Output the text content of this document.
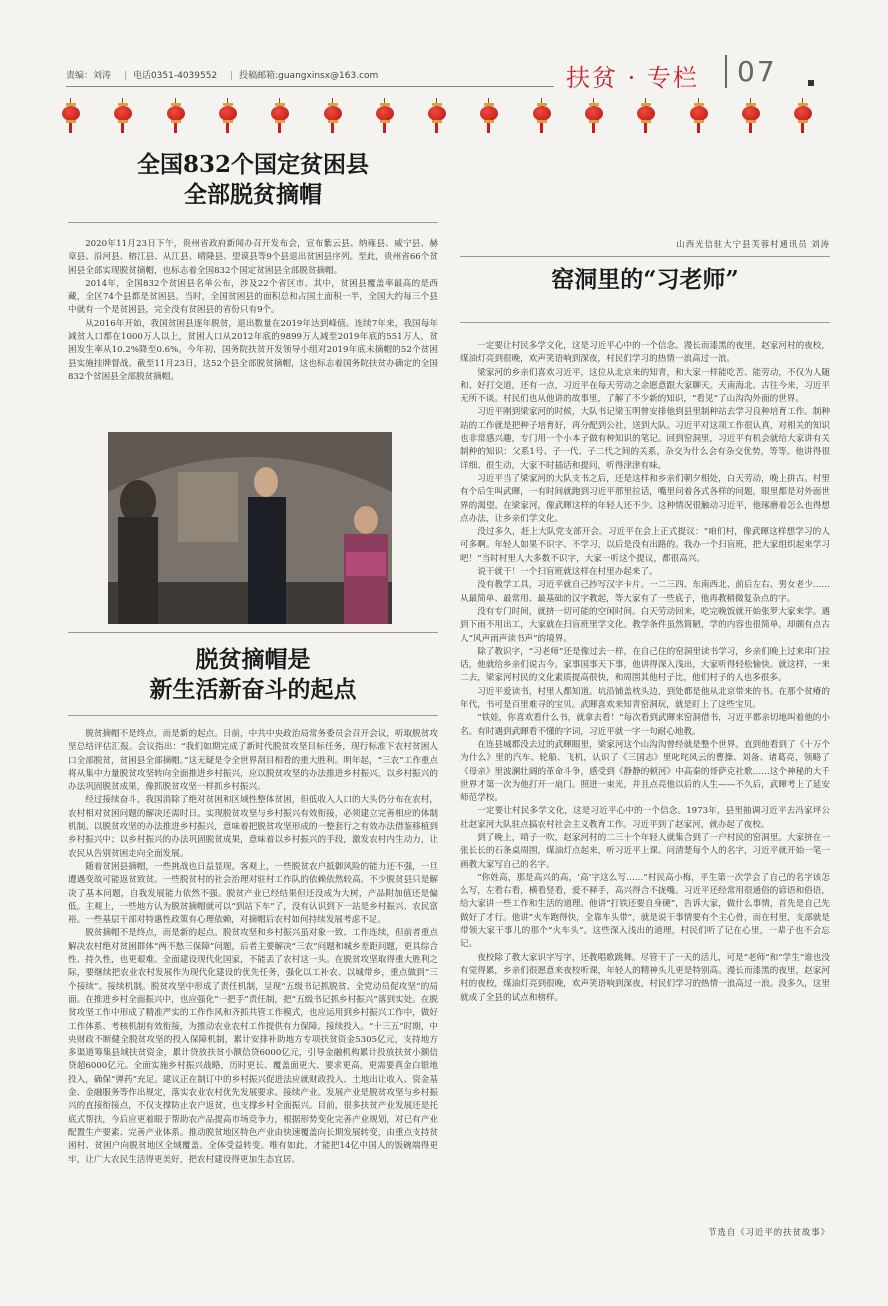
责编：刘涛 | 电话0351-4039552 | 投稿邮箱:guangxinsx@163.com	扶贫 · 专栏	07
全国832个国定贫困县
全部脱贫摘帽

2020年11月23日下午，贵州省政府新闻办召开发布会，宣布紫云县、纳雍县、威宁县、赫章县、沿河县、榕江县、从江县、晴隆县、望谟县等9个县退出贫困县序列。至此，贵州省66个贫困县全部实现脱贫摘帽，也标志着全国832个国定贫困县全部脱贫摘帽。

2014年，全国832个贫困县名单公布，涉及22个省区市。其中，贫困县覆盖率最高的是西藏，全区74个县都是贫困县。当时，全国贫困县的面积总和占国土面积一半，全国大约每三个县中就有一个是贫困县，完全没有贫困县的省份只有9个。

从2016年开始，我国贫困县逐年脱贫，退出数量在2019年达到峰值。连续7年来，我国每年减贫人口都在1000万人以上，贫困人口从2012年底的9899万人减至2019年底的551万人，贫困发生率从10.2%降至0.6%。今年初，国务院扶贫开发领导小组对2019年底未摘帽的52个贫困县实施挂牌督战。截至11月23日，这52个县全部脱贫摘帽，这也标志着国务院扶贫办确定的全国832个贫困县全部脱贫摘帽。

脱贫摘帽是
新生活新奋斗的起点

脱贫摘帽不是终点，而是新的起点。日前，中共中央政治局常务委员会召开会议，听取脱贫攻坚总结评估汇报。会议指出：“我们如期完成了新时代脱贫攻坚目标任务，现行标准下农村贫困人口全部脱贫，贫困县全部摘帽。”这无疑是令全世界刮目相看的重大胜利。明年起，“三农”工作重点将从集中力量脱贫攻坚转向全面推进乡村振兴，应以脱贫攻坚的办法推进乡村振兴，以乡村振兴的办法巩固脱贫成果，像抓脱贫攻坚一样抓乡村振兴。

经过接续奋斗，我国消除了绝对贫困和区域性整体贫困，但低收入人口的大头仍分布在农村，农村相对贫困问题的解决还需时日。实现脱贫攻坚与乡村振兴有效衔接，必须建立完善相应的体制机制。以脱贫攻坚的办法推进乡村振兴，意味着把脱贫攻坚形成的一整套行之有效办法借鉴移植到乡村振兴中；以乡村振兴的办法巩固脱贫成果，意味着以乡村振兴的手段，激发农村内生动力，让农民从告别贫困走向全面发展。

随着贫困县摘帽，一些挑战也日益显现。客观上，一些脱贫农户抵御风险的能力还不强，一旦遭遇变故可能返贫致贫。一些脱贫村的社会治理对驻村工作队的依赖依然较高。不少脱贫县只是解决了基本问题，自我发展能力依然不强。脱贫产业已经结果但还没成为大树，产品附加值还是偏低。主观上，一些地方认为脱贫摘帽就可以“到站下车”了，没有认识到下一站是乡村振兴、农民富裕。一些基层干部对特惠性政策有心理依赖，对摘帽后农村如何持续发展考虑不足。

脱贫摘帽不是终点，而是新的起点。脱贫攻坚和乡村振兴虽对象一致、工作连续，但前者重点解决农村绝对贫困群体“两不愁三保障”问题，后者主要解决“三农”问题和城乡差距问题，更具综合性、持久性，也更艰难。全面建设现代化国家，不能丢了农村这一头。在脱贫攻坚取得重大胜利之际，要继续把农业农村发展作为现代化建设的优先任务，强化以工补农、以城带乡，重点做到“三个接续”。接续机制。脱贫攻坚中形成了责任机制，呈现“五级书记抓脱贫、全党动员促攻坚”的局面。在推进乡村全面振兴中，也应强化“一把手”责任制，把“五级书记抓乡村振兴”落到实处。在脱贫攻坚工作中形成了精准严实的工作作风和齐抓共管工作模式，也应运用到乡村振兴工作中，做好工作体系、考核机制有效衔接，为推动农业农村工作提供有力保障。接续投入。“十三五”时期，中央财政不断健全脱贫攻坚的投入保障机制，累计安排补助地方专项扶贫资金5305亿元，支持地方多渠道筹集县域扶贫资金，累计贷放扶贫小额信贷6000亿元，引导金融机构累计投放扶贫小额信贷超6000亿元。全面实施乡村振兴战略，历时更长、覆盖面更大、要求更高，更需要真金白银地投入，确保“弹药”充足。建议正在制订中的乡村振兴促进法应就财政投入、土地出让收入、资金基金、金融服务等作出规定，落实农业农村优先发展要求。接续产业。发展产业是脱贫攻坚与乡村振兴的直接衔接点，不仅支撑防止农户返贫，也支撑乡村全面振兴。目前，很多扶贫产业发展还是托底式帮扶，今后应更着眼于帮助农产品提高市场竞争力，根据形势变化完善产业规划，对已有产业配置生产要素、完善产业体系。推动脱贫地区特色产业由快速覆盖向长期发展转变，由重点支持贫困村、贫困户向脱贫地区全域覆盖、全体受益转变。唯有如此，才能把14亿中国人的饭碗端得更牢，让广大农民生活得更美好，把农村建设得更加生态宜居。

山西光信驻大宁县芙蓉村通讯员 刘涛
窑洞里的“习老师”

一定要让村民多学文化，这是习近平心中的一个信念。漫长而漆黑的夜里，赵家河村的夜校，煤油灯亮到很晚，欢声笑语响到深夜，村民们学习的热情一浪高过一浪。

梁家河的乡亲们喜欢习近平，这位从北京来的知青，和大家一样能吃苦、能劳动，不仅为人随和、好打交道，还有一点，习近平在每天劳动之余愿意跟大家聊天。天南海北、古往今来，习近平无所不谈。村民们也从他讲的故事里，了解了不少新的知识，“看见”了山沟沟外面的世界。

习近平刚到梁家河的时候，大队书记梁玉明曾安排他到县里制种站去学习良种培育工作。制种站的工作就是把种子培育好，再分配到公社，送到大队。习近平对这项工作很认真，对相关的知识也非常感兴趣，专门用一个小本子做有种知识的笔记。回到窑洞里，习近平有机会就给大家讲有关制种的知识：父系1号、子一代、子二代之间的关系，杂交为什么会有杂交优势，等等。他讲得很详细、很生动，大家不时插话和提问，听得津津有味。

习近平当了梁家河的大队支书之后，还是这样和乡亲们朝夕相处，白天劳动，晚上拼古。村里有个后生叫武暉，一有时间就跑到习近平那里拉话，嘴里问着各式各样的问题，眼里都是对外面世界的渴望。在梁家河，像武暉这样的年轻人还不少。这种情况很触动习近平，他琢磨着怎么也得想点办法，让乡亲们学文化。

没过多久，赶上大队党支部开会。习近平在会上正式提议：“咱们村，像武暉这样想学习的人可多啊。年轻人如果不识字、不学习，以后是没有出路的。我办一个扫盲班，把大家组织起来学习吧！”当时村里人大多数不识字，大家一听这个提议，都很高兴。

说干就干！一个扫盲班就这样在村里办起来了。

没有教学工具，习近平就自己抄写汉字卡片。一二三四、东南西北、前后左右、男女老少……从最简单、最常用、最基础的汉字教起，等大家有了一些底子，他再教稍微复杂点的字。

没有专门时间，就挤一切可能的空闲时间。白天劳动回来，吃完晚饭就开始张罗大家来学。遇到下雨不用出工，大家就在扫盲班里学文化。教学条件虽然简陋，学的内容也很简单，却颇有点古人“风声雨声读书声”的境界。

除了教识字，“习老师”还是像过去一样，在自己住的窑洞里读书学习，乡亲们晚上过来串门拉话，他就给乡亲们说古今。家事国事天下事，他讲得深入浅出，大家听得轻松愉快。就这样，一来二去，梁家河村民的文化素质提高很快，和周围其他村子比，他们村子的人也多很多。

习近平爱读书，村里人都知道。坑沿铺盖枕头边，到处都是他从北京带来的书。在那个贫瘠的年代，书可是百里难寻的宝贝。武暉喜欢来知青窑洞玩，就是盯上了这些宝贝。

“铁娃，你喜欢看什么书，就拿去看！”每次看到武暉来窑洞借书，习近平都亲切地叫着他的小名。有时遇到武暉看不懂的字词，习近平就一字一句耐心地教。

在连县城都没去过的武暉眼里，梁家河这个山沟沟曾经就是整个世界。直到他看到了《十万个为什么》里的汽车、轮船、飞机，认识了《三国志》里叱咤风云的曹操、刘备、诸葛亮，领略了《母亲》里波澜壮阔的革命斗争，感受到《静静的顿河》中高秦的哥萨克社歌……这个神秘的大千世界才第一次为他打开一扇门。照进一束光，并且点亮他以后的人生——不久后，武暉考上了延安师范学校。

一定要让村民多学文化，这是习近平心中的一个信念。1973年，县里抽调习近平去冯家坪公社赵家河大队驻点搞农村社会主义教育工作。习近平到了赵家河，就办起了夜校。

到了晚上，哨子一吹，赵家河村的二三十个年轻人就集合到了一户村民的窑洞里。大家挤在一张长长的石条桌周围，煤油灯点起来，听习近平上课。问清楚每个人的名字，习近平就开始一笔一画教大家写自己的名字。

“你姓高，那是高兴的高，‘高’字这么写……”村民高小梅，平生第一次学会了自己的名字该怎么写，左看右看，横看竖看，爱不释手，高兴得合不拢嘴。习近平还经常用很通俗的谚语和俗语，给大家讲一些工作和生活的道理。他讲“打铁还要自身硬”，告诉大家，做什么事情，首先是自己先做好了才行。他讲“火车跑得快，全靠车头带”，就是说干事情要有个主心骨，而在村里，支部就是带领大家干事儿的那个“火车头”。这些深入浅出的道理，村民们听了记在心里，一辈子也不会忘记。

夜校除了教大家识字写字，还教唱歌跳舞。尽管干了一天的活儿，可是“老师”和“学生”谁也没有觉得累，乡亲们很愿意来夜校听课，年轻人的精神头儿更是特别高。漫长而漆黑的夜里，赵家河村的夜校，煤油灯亮到很晚，欢声笑语响到深夜，村民们学习的热情一浪高过一浪。没多久，这里就成了全县的试点和榜样。

节选自《习近平的扶贫故事》
